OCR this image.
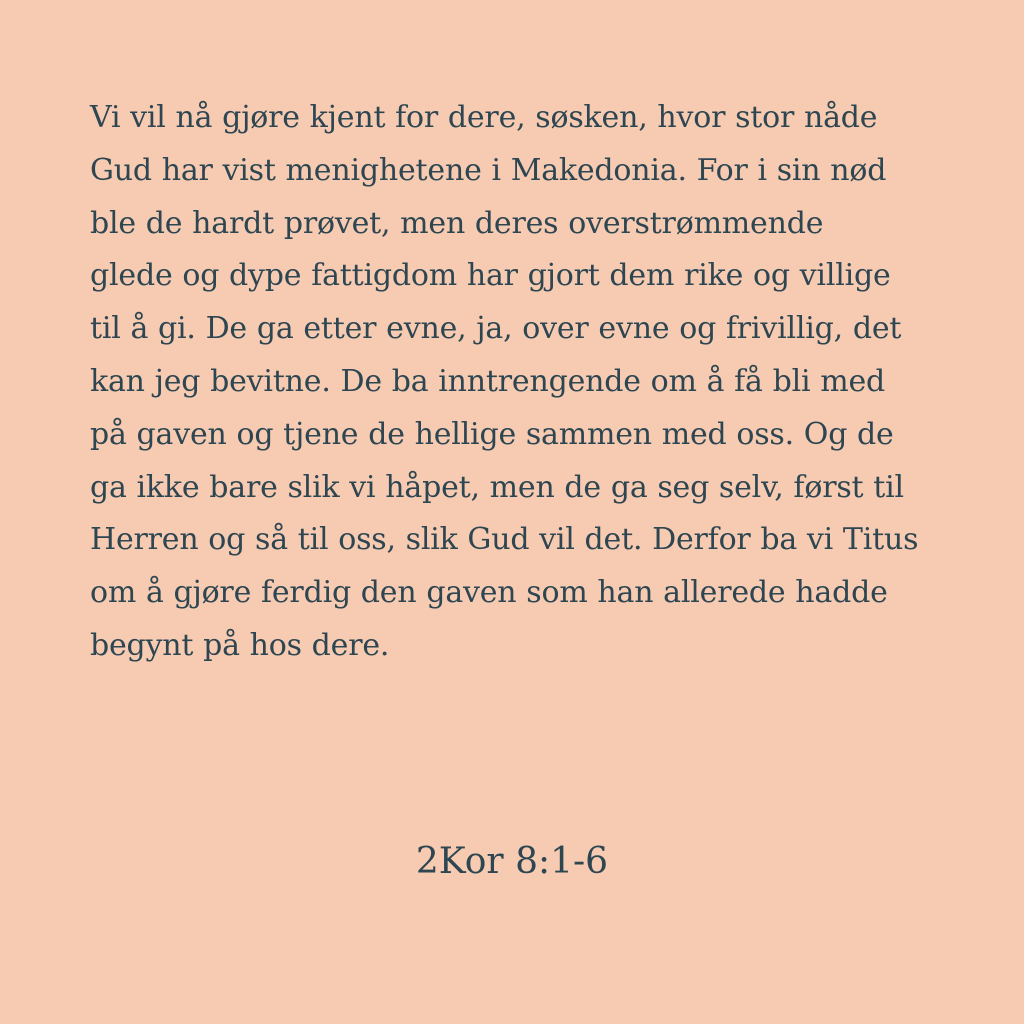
Vi vil nå gjøre kjent for dere, søsken, hvor stor nåde
Gud har vist menighetene i Makedonia. For i sin nød
ble de hardt prøvet, men deres overstrømmende
glede og dype fattigdom har gjort dem rike og villige
til å gi. De ga etter evne, ja, over evne og frivillig, det
kan jeg bevitne. De ba inntrengende om å få bli med
på gaven og tjene de hellige sammen med oss. Og de
ga ikke bare slik vi håpet, men de ga seg selv, først til
Herren og så til oss, slik Gud vil det. Derfor ba vi Titus
om å gjøre ferdig den gaven som han allerede hadde
begynt på hos dere.

2Kor 8:1-6
